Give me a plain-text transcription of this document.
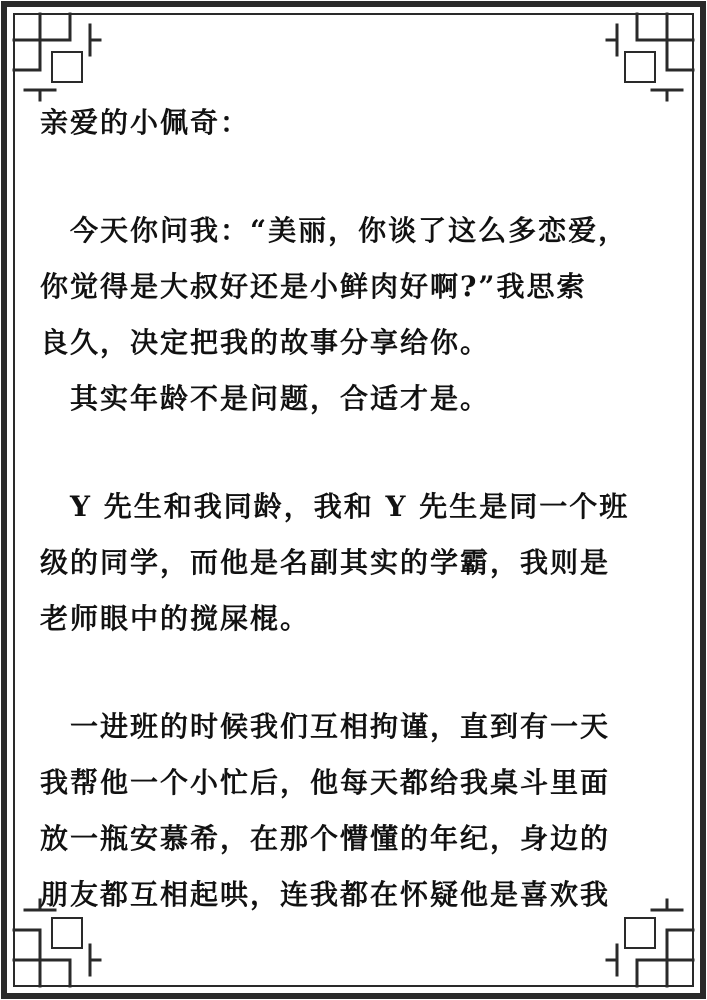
亲爱的小佩奇：

今天你问我：“美丽，你谈了这么多恋爱，

你觉得是大叔好还是小鲜肉好啊?”我思索

良久，决定把我的故事分享给你。

其实年龄不是问题，合适才是。

Y 先生和我同龄，我和 Y 先生是同一个班

级的同学，而他是名副其实的学霸，我则是

老师眼中的搅屎棍。

一进班的时候我们互相拘谨，直到有一天

我帮他一个小忙后，他每天都给我桌斗里面

放一瓶安慕希，在那个懵懂的年纪，身边的

朋友都互相起哄，连我都在怀疑他是喜欢我
